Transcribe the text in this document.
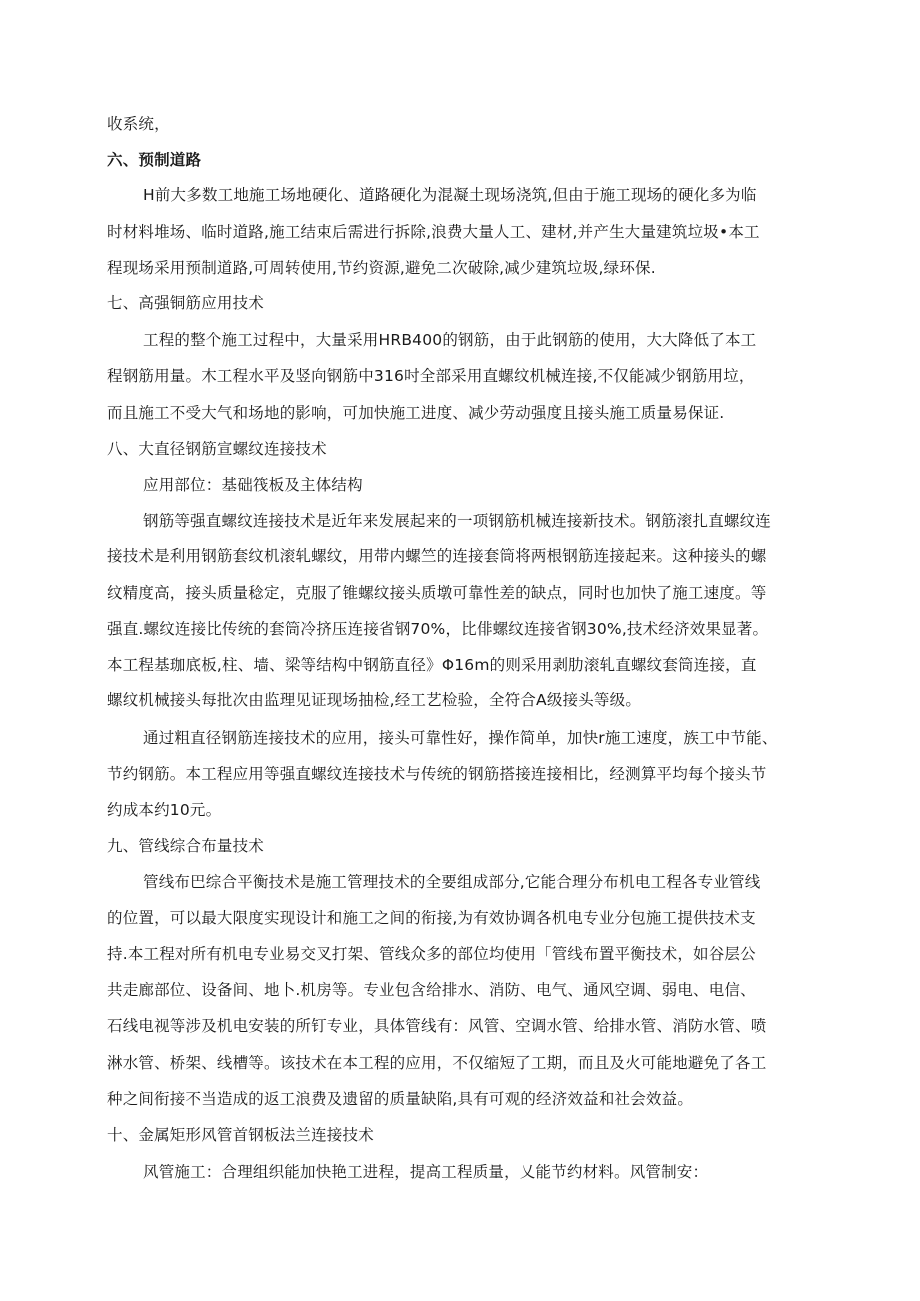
收系统，
六、预制道路
H前大多数工地施工场地硬化、道路硬化为混凝土现场浇筑,但由于施工现场的硬化多为临
时材料堆场、临时道路,施工结束后需进行拆除,浪费大量人工、建材,并产生大量建筑垃圾•本工
程现场采用预制道路,可周转使用,节约资源,避免二次破除,减少建筑垃圾,绿环保.
七、高强铜筋应用技术
工程的整个施工过程中，大量采用HRB400的钢筋，由于此钢筋的使用，大大降低了本工
程钢筋用量。木工程水平及竖向钢筋中316吋全部采用直螺纹机械连接,不仅能减少钢筋用垃，
而且施工不受大气和场地的影响，可加快施工进度、减少劳动强度且接头施工质量易保证.
八、大直径钢筋宣螺纹连接技术
应用部位：基础筏板及主体结构
钢筋等强直螺纹连接技术是近年来发展起来的一项钢筋机械连接新技术。钢筋滚扎直螺纹连
接技术是利用钢筋套纹机滚轧螺纹，用带内螺竺的连接套筒将两根钢筋连接起来。这种接头的螺
纹精度高，接头质量稔定，克服了锥螺纹接头质墩可靠性差的缺点，同时也加快了施工速度。等
强直.螺纹连接比传统的套筒冷挤压连接省钢70%，比俳螺纹连接省钢30%,技术经济效果显著。
本工程基珈底板,柱、墙、梁等结构中钢筋直径》Φ16m的则采用剥肋滚轧直螺纹套筒连接，直
螺纹机械接头每批次由监理见证现场抽检,经工艺检验，全符合A级接头等级。
通过粗直径钢筋连接技术的应用，接头可靠性好，操作简单，加快r施工速度，族工中节能、
节约钢筋。本工程应用等强直螺纹连接技术与传统的钢筋搭接连接相比，经测算平均每个接头节
约成本约10元。
九、管线综合布量技术
管线布巴综合平衡技术是施工管理技术的全要组成部分,它能合理分布机电工程各专业管线
的位置，可以最大限度实现设计和施工之间的衔接,为有效协调各机电专业分包施工提供技术支
持.本工程对所有机电专业易交叉打架、管线众多的部位均使用「管线布置平衡技术，如谷层公
共走廊部位、设备间、地卜.机房等。专业包含给排水、消防、电气、通风空调、弱电、电信、
石线电视等涉及机电安装的所钉专业，具体管线有：风管、空调水管、给排水管、消防水管、喷
淋水管、桥架、线槽等。该技术在本工程的应用，不仅缩短了工期，而且及火可能地避免了各工
种之间衔接不当造成的返工浪费及遗留的质量缺陷,具有可观的经济效益和社会效益。
十、金属矩形风管首钢板法兰连接技术
风管施工：合理组织能加快艳工进程，提高工程质量，乂能节约材料。风管制安：
